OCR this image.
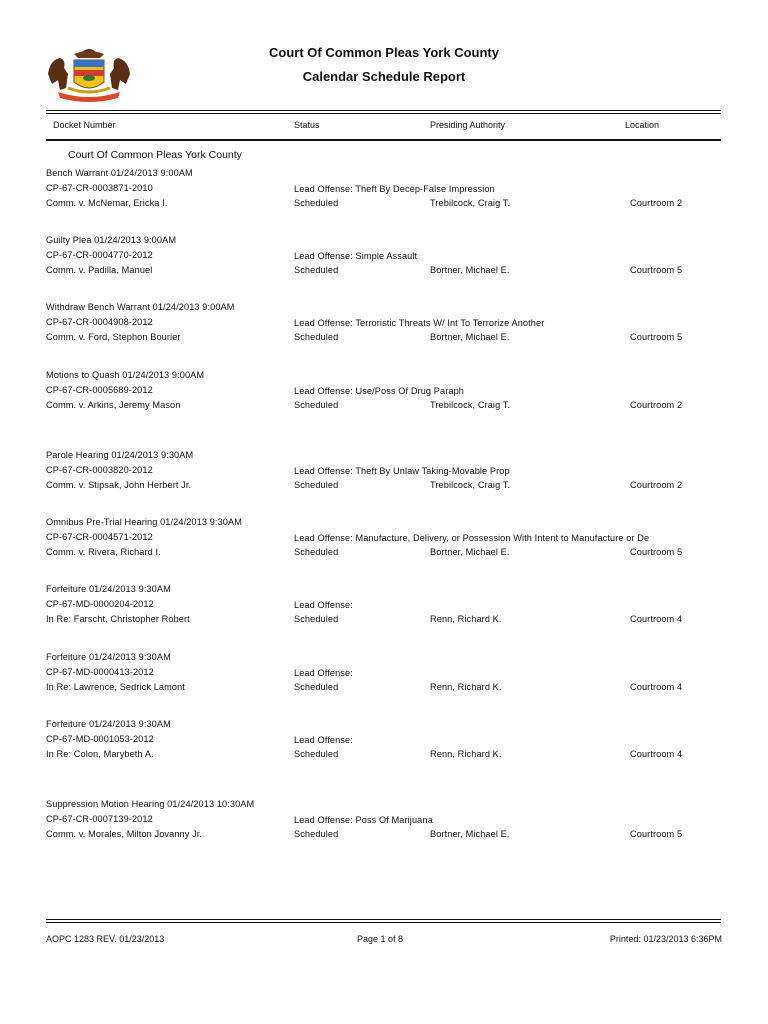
Court Of Common Pleas York County
Calendar Schedule Report
Docket Number	Status	Presiding Authority	Location
Court Of Common Pleas York County
Bench Warrant 01/24/2013 9:00AM
CP-67-CR-0003871-2010
Comm. v. McNemar, Ericka I.
Lead Offense: Theft By Decep-False Impression
Scheduled	Trebilcock, Craig T.	Courtroom 2
Guilty Plea 01/24/2013 9:00AM
CP-67-CR-0004770-2012
Comm. v. Padilla, Manuel
Lead Offense: Simple Assault
Scheduled	Bortner, Michael E.	Courtroom 5
Withdraw Bench Warrant 01/24/2013 9:00AM
CP-67-CR-0004908-2012
Comm. v. Ford, Stephon Bourier
Lead Offense: Terroristic Threats W/ Int To Terrorize Another
Scheduled	Bortner, Michael E.	Courtroom 5
Motions to Quash 01/24/2013 9:00AM
CP-67-CR-0005689-2012
Comm. v. Arkins, Jeremy Mason
Lead Offense: Use/Poss Of Drug Paraph
Scheduled	Trebilcock, Craig T.	Courtroom 2
Parole Hearing 01/24/2013 9:30AM
CP-67-CR-0003820-2012
Comm. v. Stipsak, John Herbert Jr.
Lead Offense: Theft By Unlaw Taking-Movable Prop
Scheduled	Trebilcock, Craig T.	Courtroom 2
Omnibus Pre-Trial Hearing 01/24/2013 9:30AM
CP-67-CR-0004571-2012
Comm. v. Rivera, Richard I.
Lead Offense: Manufacture, Delivery, or Possession With Intent to Manufacture or De
Scheduled	Bortner, Michael E.	Courtroom 5
Forfeiture 01/24/2013 9:30AM
CP-67-MD-0000204-2012
In Re: Farscht, Christopher Robert
Lead Offense:
Scheduled	Renn, Richard K.	Courtroom 4
Forfeiture 01/24/2013 9:30AM
CP-67-MD-0000413-2012
In Re: Lawrence, Sedrick Lamont
Lead Offense:
Scheduled	Renn, Richard K.	Courtroom 4
Forfeiture 01/24/2013 9:30AM
CP-67-MD-0001053-2012
In Re: Colon, Marybeth A.
Lead Offense:
Scheduled	Renn, Richard K.	Courtroom 4
Suppression Motion Hearing 01/24/2013 10:30AM
CP-67-CR-0007139-2012
Comm. v. Morales, Milton Jovanny Jr.
Lead Offense: Poss Of Marijuana
Scheduled	Bortner, Michael E.	Courtroom 5
AOPC 1283 REV. 01/23/2013	Page 1 of 8	Printed: 01/23/2013 6:36PM
